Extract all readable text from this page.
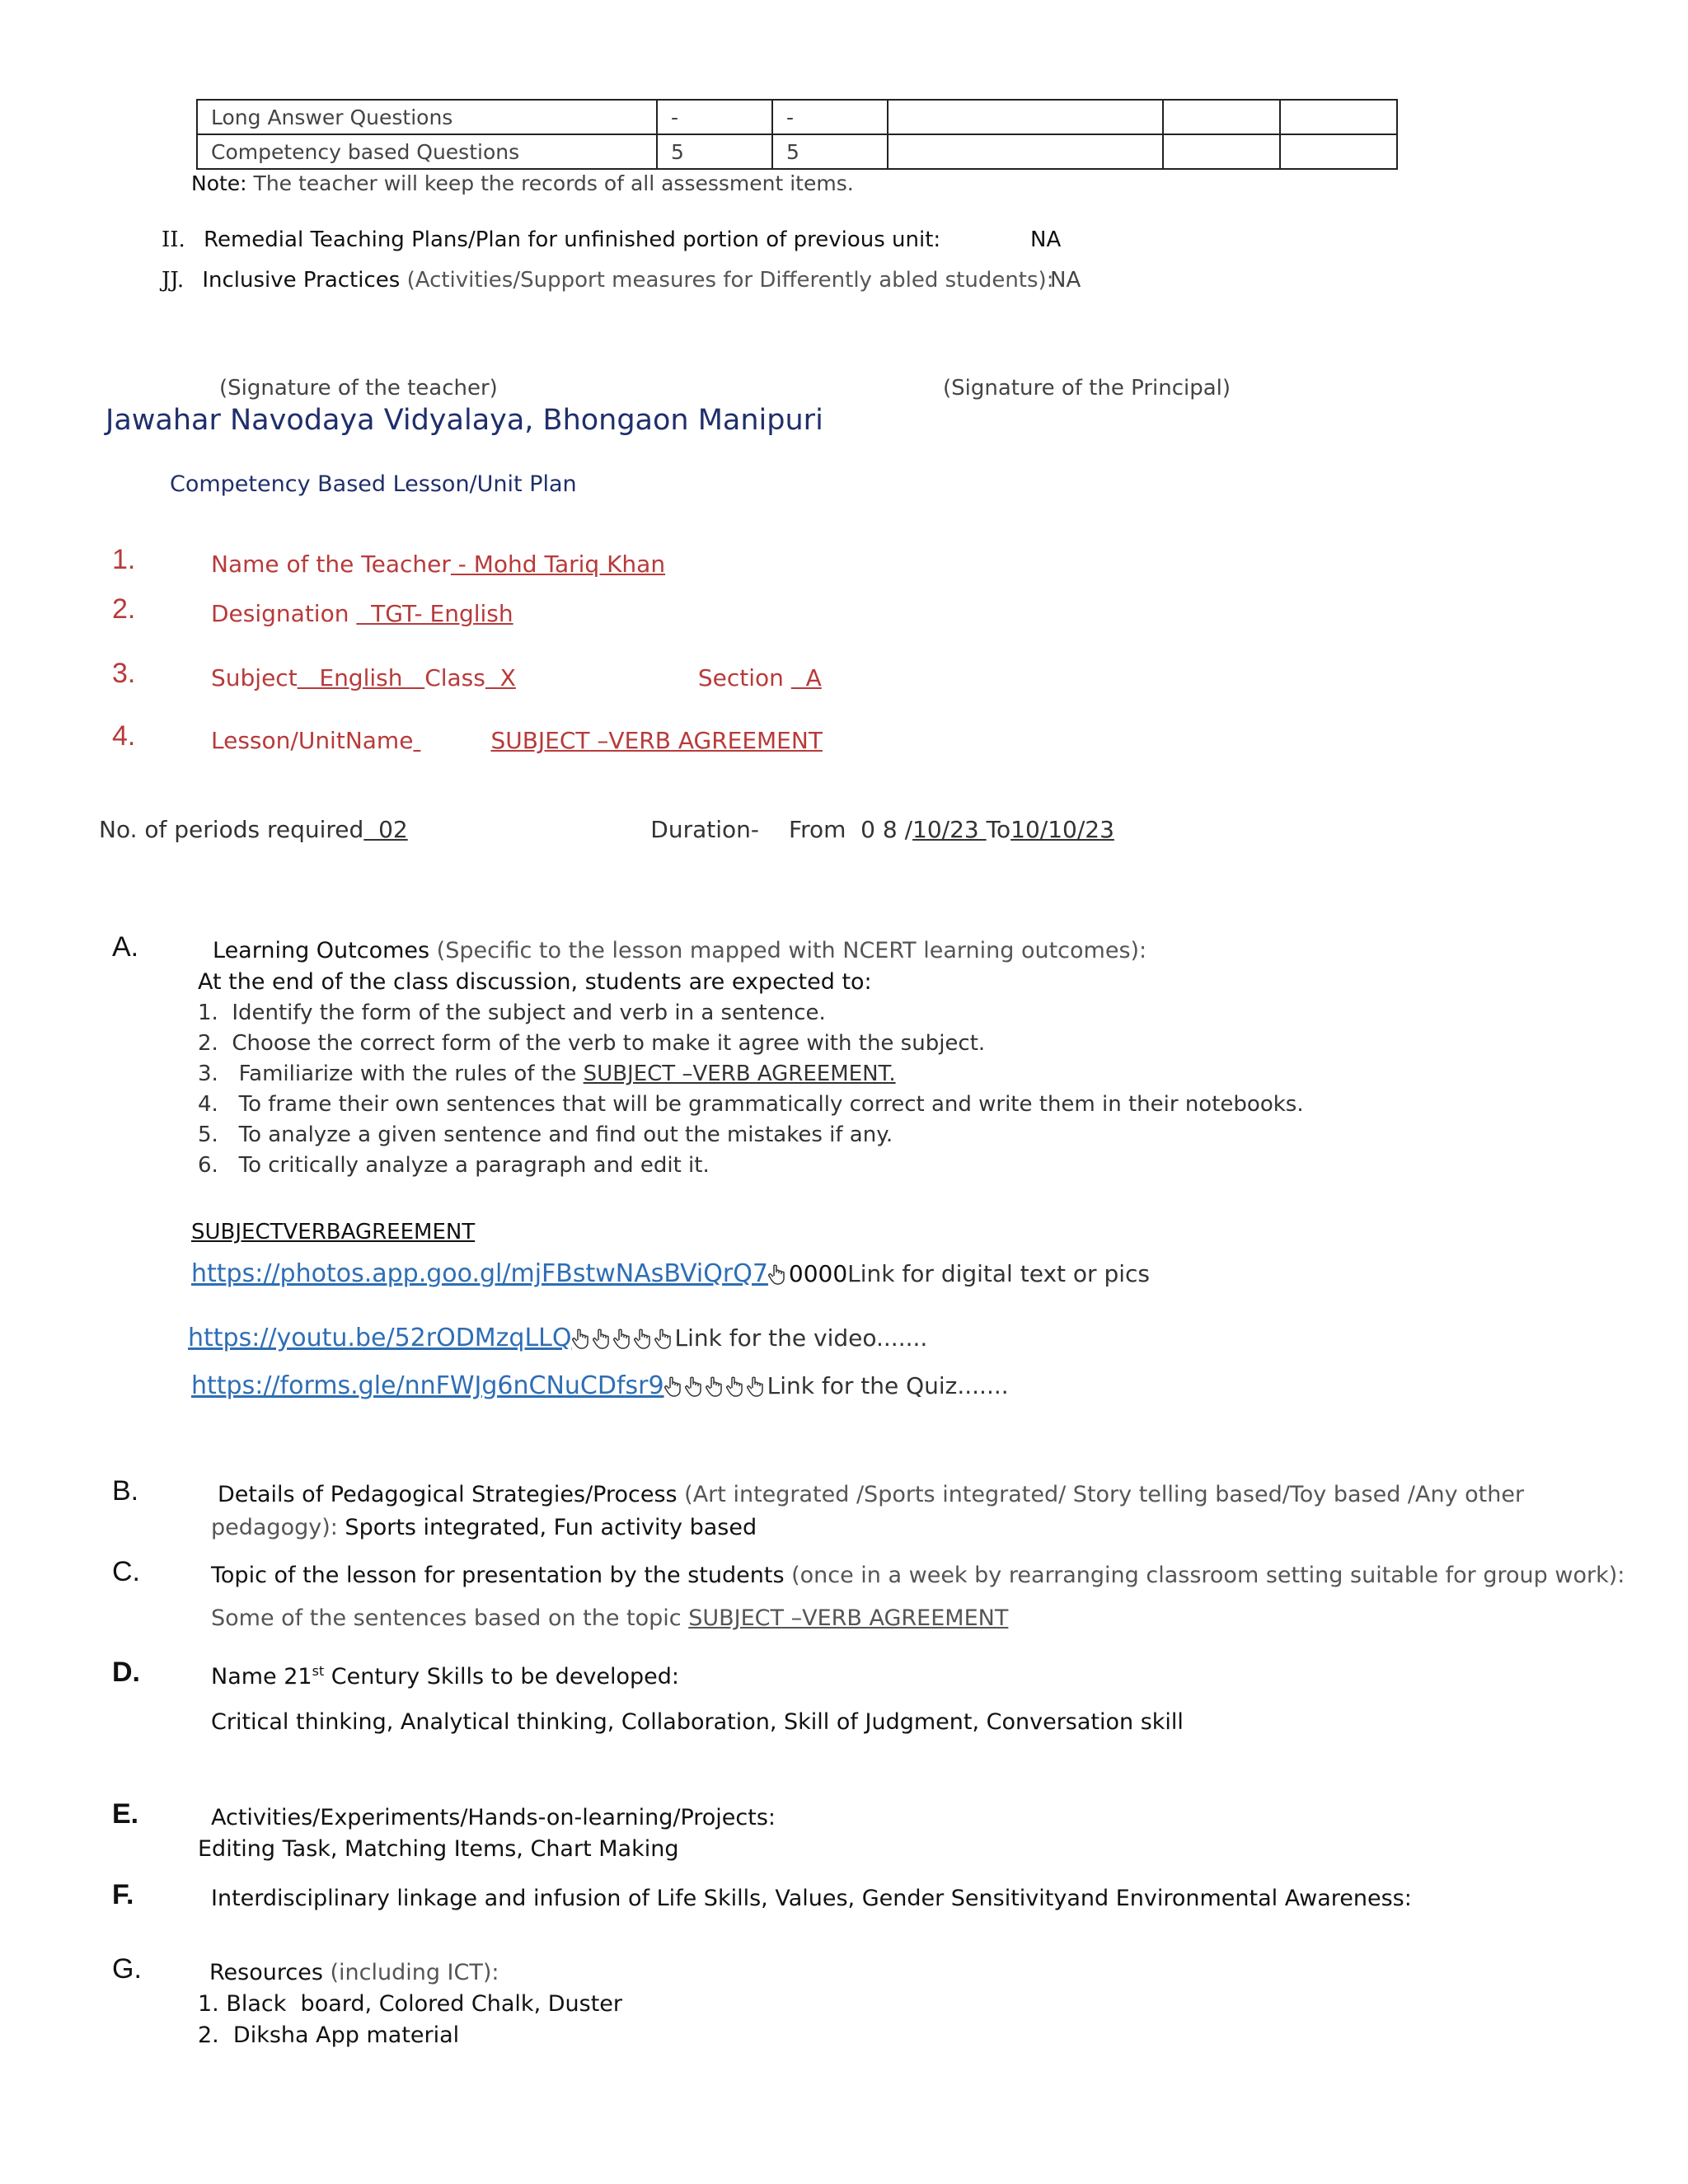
Long Answer Questions	-	-			
Competency based Questions	5	5			
Note: The teacher will keep the records of all assessment items.
II. Remedial Teaching Plans/Plan for unfinished portion of previous unit:	NA
JJ. Inclusive Practices (Activities/Support measures for Differently abled students):
NA
(Signature of the teacher)	(Signature of the Principal)
Jawahar Navodaya Vidyalaya, Bhongaon Manipuri
Competency Based Lesson/Unit Plan
1.	Name of the Teacher - Mohd Tariq Khan
2.	Designation   TGT- English
3.	Subject   English   Class  X	Section   A
4.	Lesson/UnitName	SUBJECT –VERB AGREEMENT
No. of periods required  02	Duration- From  0 8 /10/23 To10/10/23
A.	Learning Outcomes (Specific to the lesson mapped with NCERT learning outcomes):
At the end of the class discussion, students are expected to:
1.  Identify the form of the subject and verb in a sentence.
2.  Choose the correct form of the verb to make it agree with the subject.
3.   Familiarize with the rules of the SUBJECT –VERB AGREEMENT.
4.   To frame their own sentences that will be grammatically correct and write them in their notebooks.
5.   To analyze a given sentence and find out the mistakes if any.
6.   To critically analyze a paragraph and edit it.
SUBJECTVERBAGREEMENT
https://photos.app.goo.gl/mjFBstwNAsBViQrQ7 0000Link for digital text or pics
https://youtu.be/52rODMzqLLQ	Link for the video.......
https://forms.gle/nnFWJg6nCNuCDfsr9	Link for the Quiz.......
B.	Details of Pedagogical Strategies/Process (Art integrated /Sports integrated/ Story telling based/Toy based /Any other
pedagogy): Sports integrated, Fun activity based
C.	Topic of the lesson for presentation by the students (once in a week by rearranging classroom setting suitable for group work):
Some of the sentences based on the topic SUBJECT –VERB AGREEMENT
D.	Name 21st Century Skills to be developed:
Critical thinking, Analytical thinking, Collaboration, Skill of Judgment, Conversation skill
E.	Activities/Experiments/Hands-on-learning/Projects:
Editing Task, Matching Items, Chart Making
F.	Interdisciplinary linkage and infusion of Life Skills, Values, Gender Sensitivityand Environmental Awareness:
G.	Resources (including ICT):
1. Black  board, Colored Chalk, Duster
2.  Diksha App material
